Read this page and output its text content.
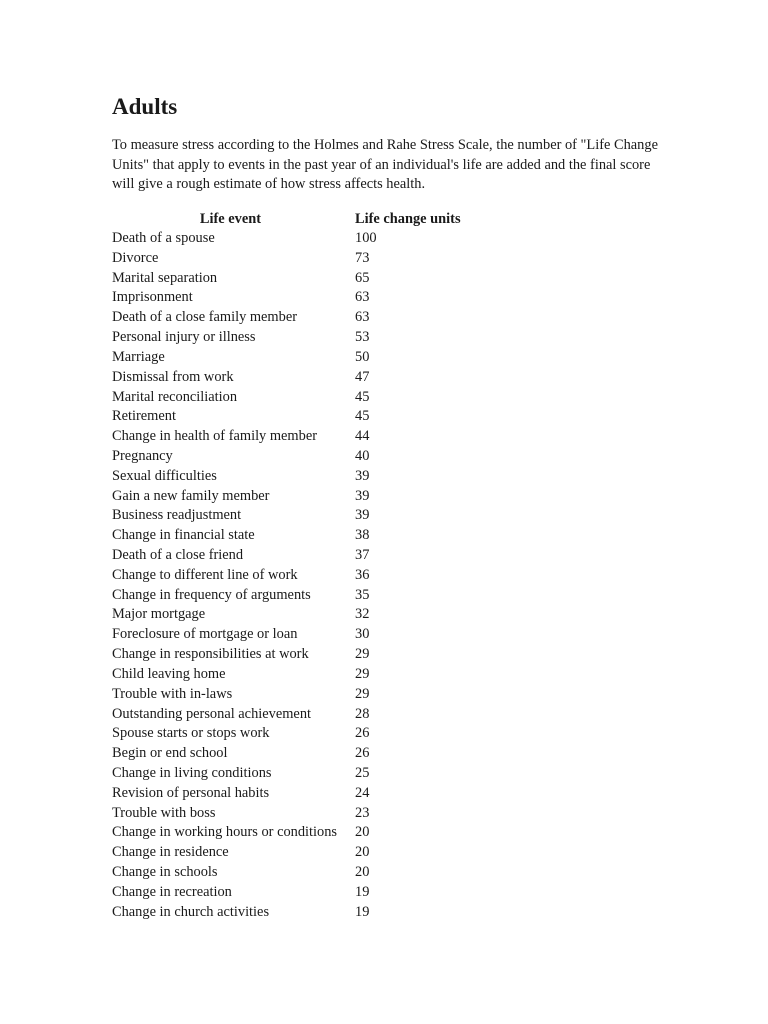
Adults

To measure stress according to the Holmes and Rahe Stress Scale, the number of "Life Change Units" that apply to events in the past year of an individual's life are added and the final score will give a rough estimate of how stress affects health.

Life event	Life change units
Death of a spouse	100
Divorce	73
Marital separation	65
Imprisonment	63
Death of a close family member	63
Personal injury or illness	53
Marriage	50
Dismissal from work	47
Marital reconciliation	45
Retirement	45
Change in health of family member	44
Pregnancy	40
Sexual difficulties	39
Gain a new family member	39
Business readjustment	39
Change in financial state	38
Death of a close friend	37
Change to different line of work	36
Change in frequency of arguments	35
Major mortgage	32
Foreclosure of mortgage or loan	30
Change in responsibilities at work	29
Child leaving home	29
Trouble with in-laws	29
Outstanding personal achievement	28
Spouse starts or stops work	26
Begin or end school	26
Change in living conditions	25
Revision of personal habits	24
Trouble with boss	23
Change in working hours or conditions	20
Change in residence	20
Change in schools	20
Change in recreation	19
Change in church activities	19
